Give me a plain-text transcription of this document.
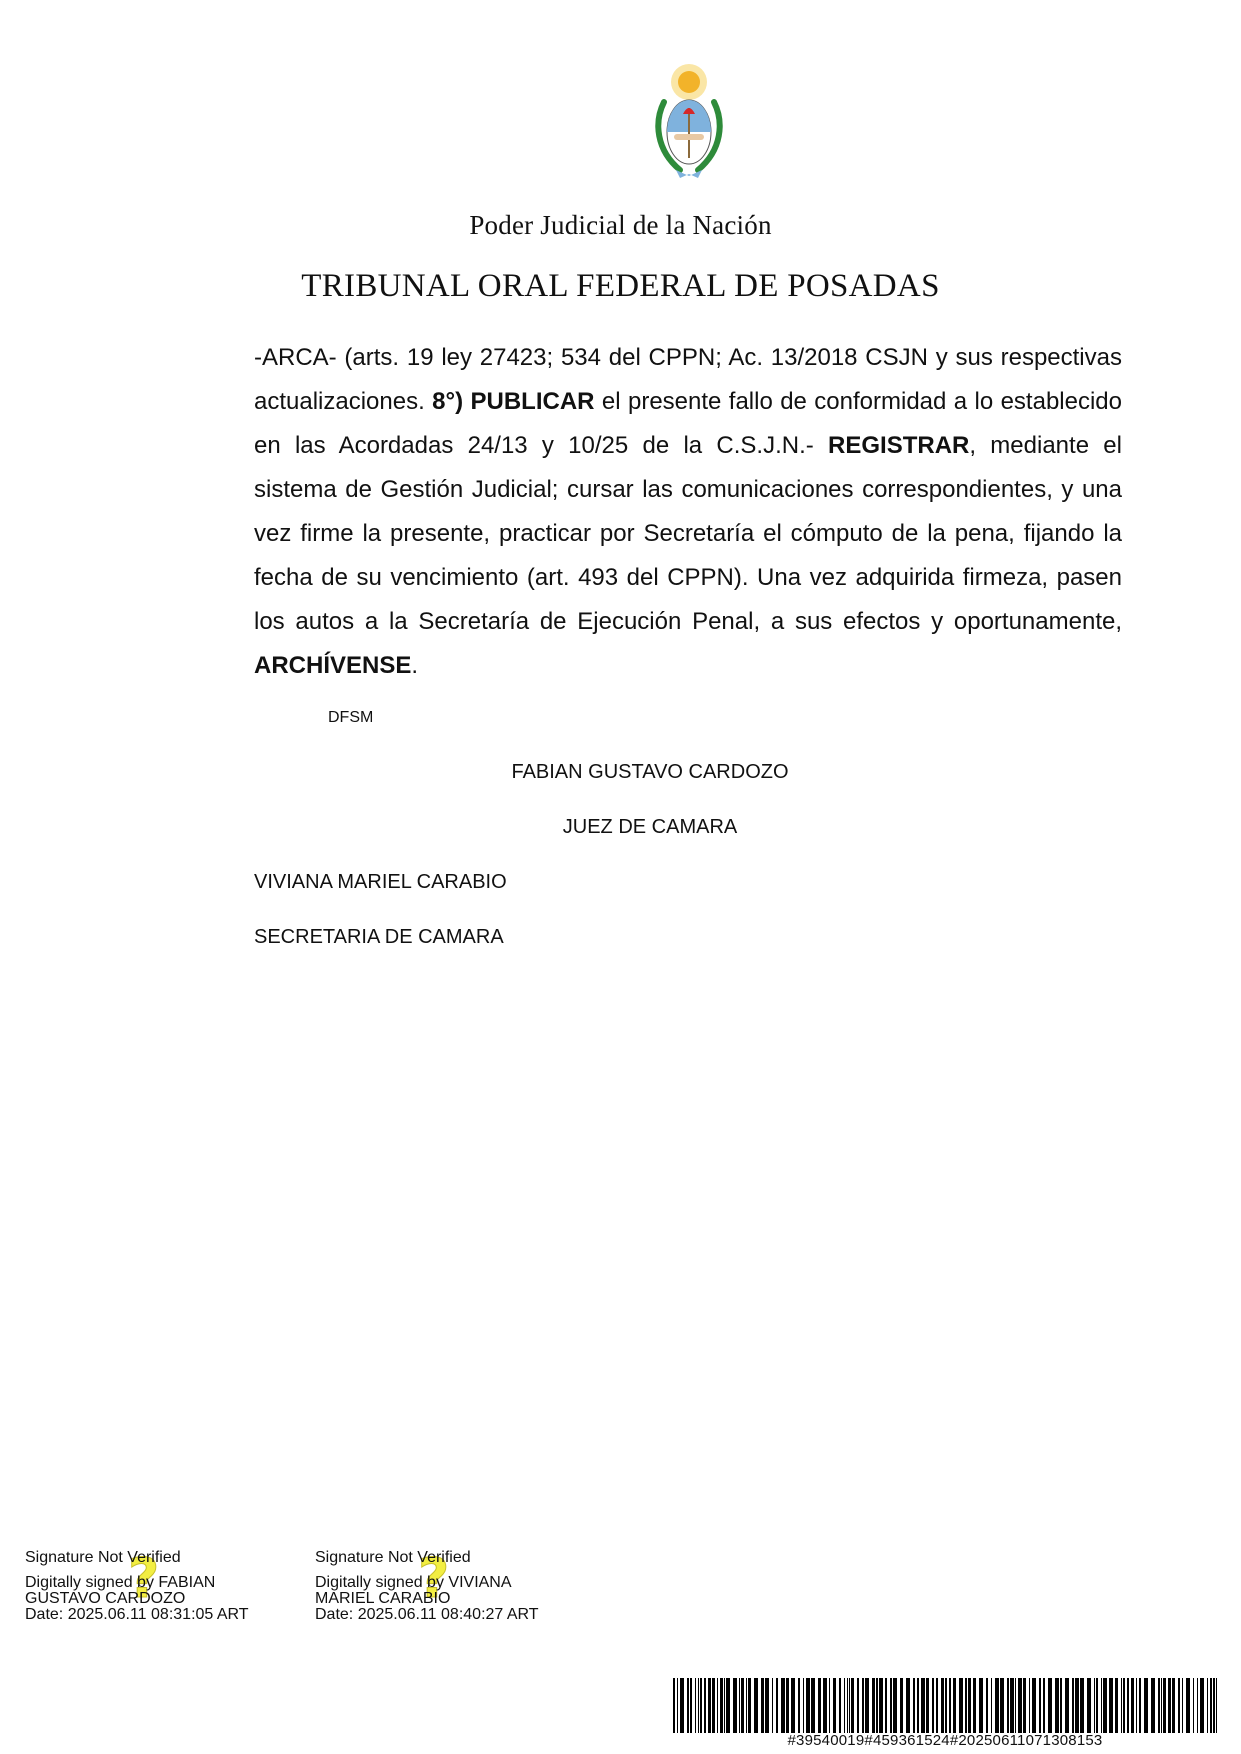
Poder Judicial de la Nación
TRIBUNAL ORAL FEDERAL DE POSADAS
-ARCA- (arts. 19 ley 27423; 534 del CPPN; Ac. 13/2018 CSJN y sus respectivas actualizaciones. 8°) PUBLICAR el presente fallo de conformidad a lo establecido en las Acordadas 24/13 y 10/25 de la C.S.J.N.- REGISTRAR, mediante el sistema de Gestión Judicial; cursar las comunicaciones correspondientes, y una vez firme la presente, practicar por Secretaría el cómputo de la pena, fijando la fecha de su vencimiento (art. 493 del CPPN). Una vez adquirida firmeza, pasen los autos a la Secretaría de Ejecución Penal, a sus efectos y oportunamente, ARCHÍVENSE.
DFSM
FABIAN GUSTAVO CARDOZO
JUEZ DE CAMARA
VIVIANA MARIEL CARABIO
SECRETARIA DE CAMARA
?
Signature Not Verified
Digitally signed by FABIAN
GUSTAVO CARDOZO
Date: 2025.06.11 08:31:05 ART
?
Signature Not Verified
Digitally signed by VIVIANA
MARIEL CARABIO
Date: 2025.06.11 08:40:27 ART
#39540019#459361524#20250611071308153
